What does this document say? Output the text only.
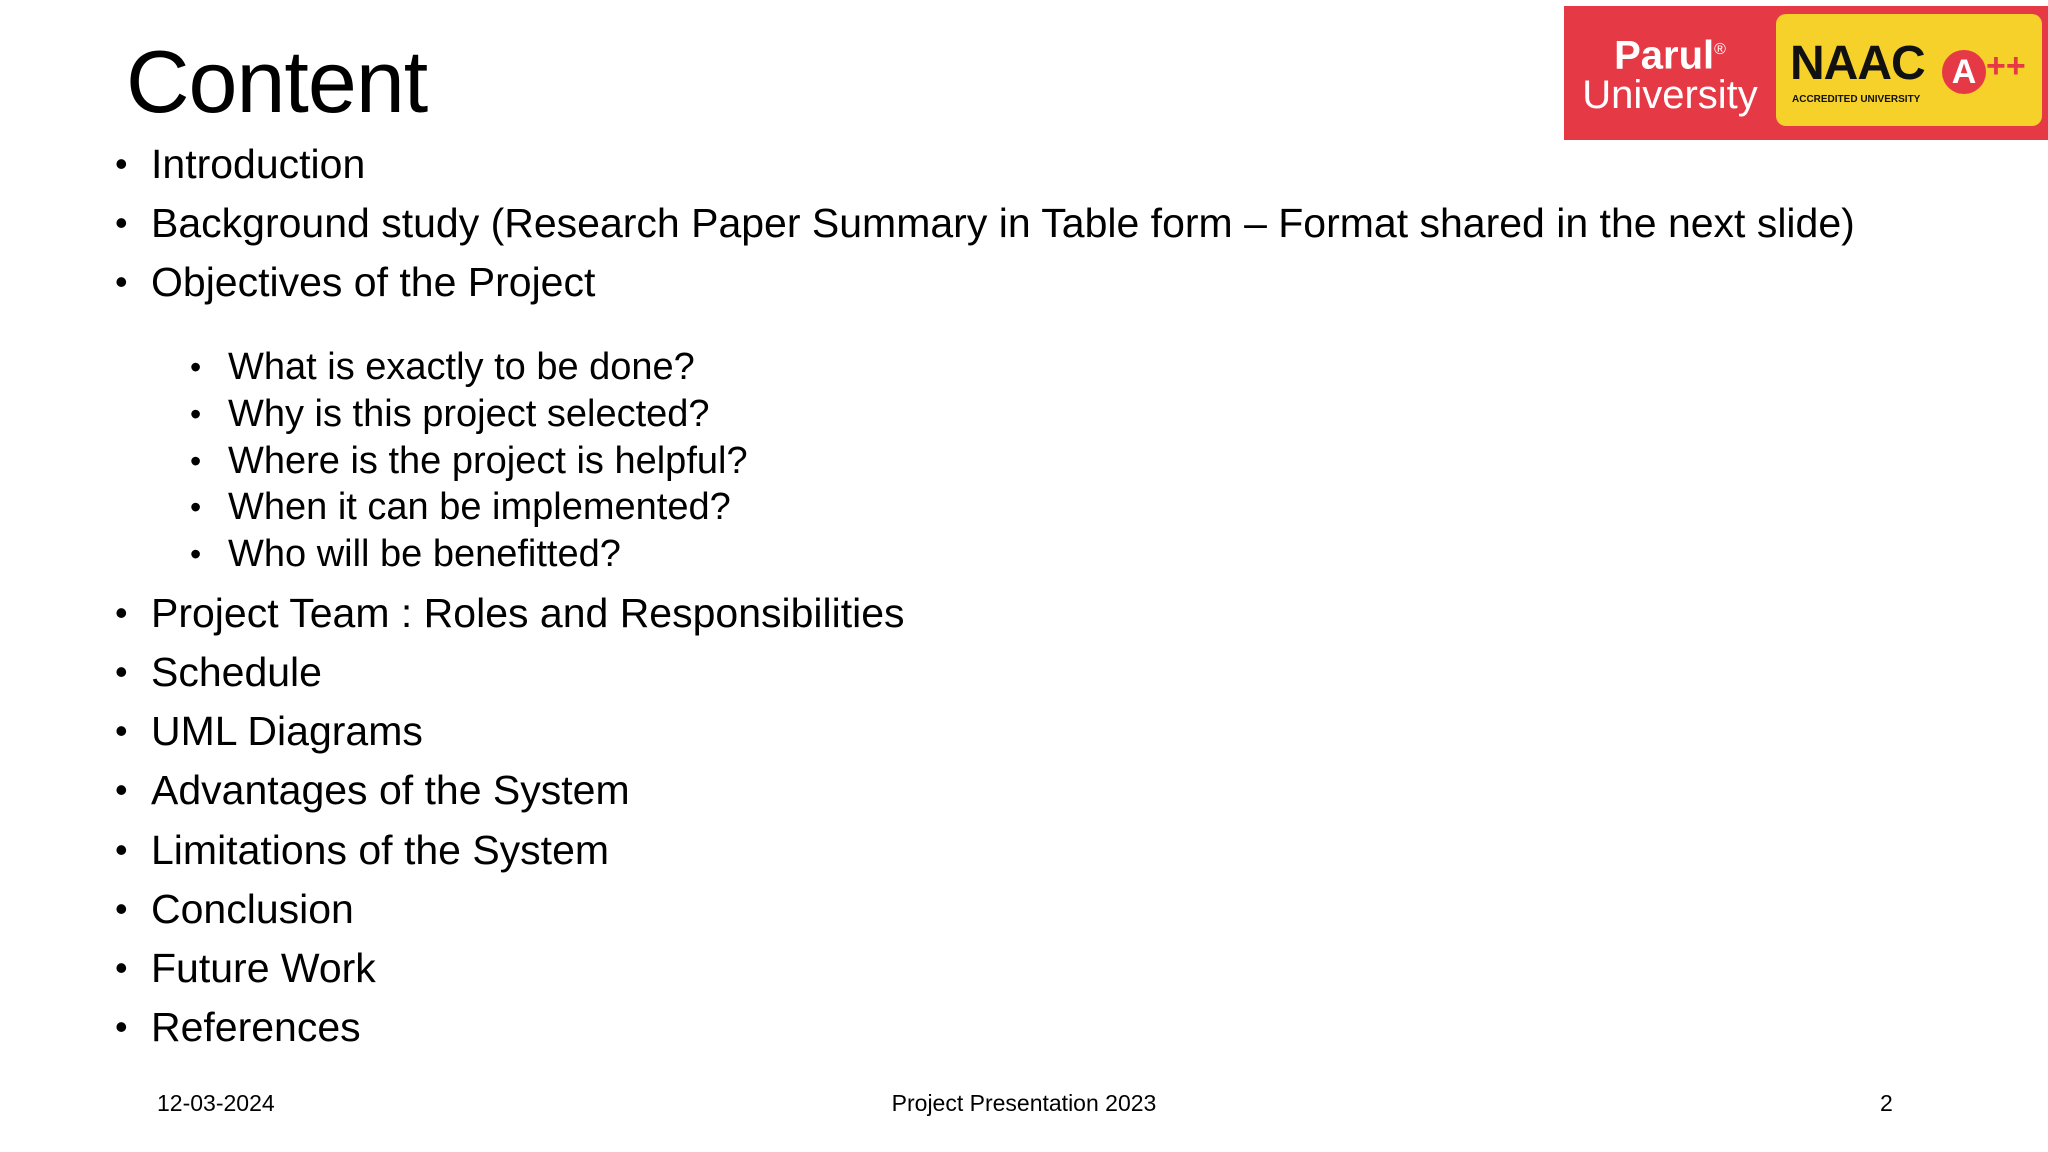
Content	Parul®
University
NAAC A ++
ACCREDITED UNIVERSITY
• Introduction
• Background study (Research Paper Summary in Table form – Format shared in the next slide)
• Objectives of the Project
• What is exactly to be done?
• Why is this project selected?
• Where is the project is helpful?
• When it can be implemented?
• Who will be benefitted?
• Project Team : Roles and Responsibilities
• Schedule
• UML Diagrams
• Advantages of the System
• Limitations of the System
• Conclusion
• Future Work
• References
12-03-2024	Project Presentation 2023	2
